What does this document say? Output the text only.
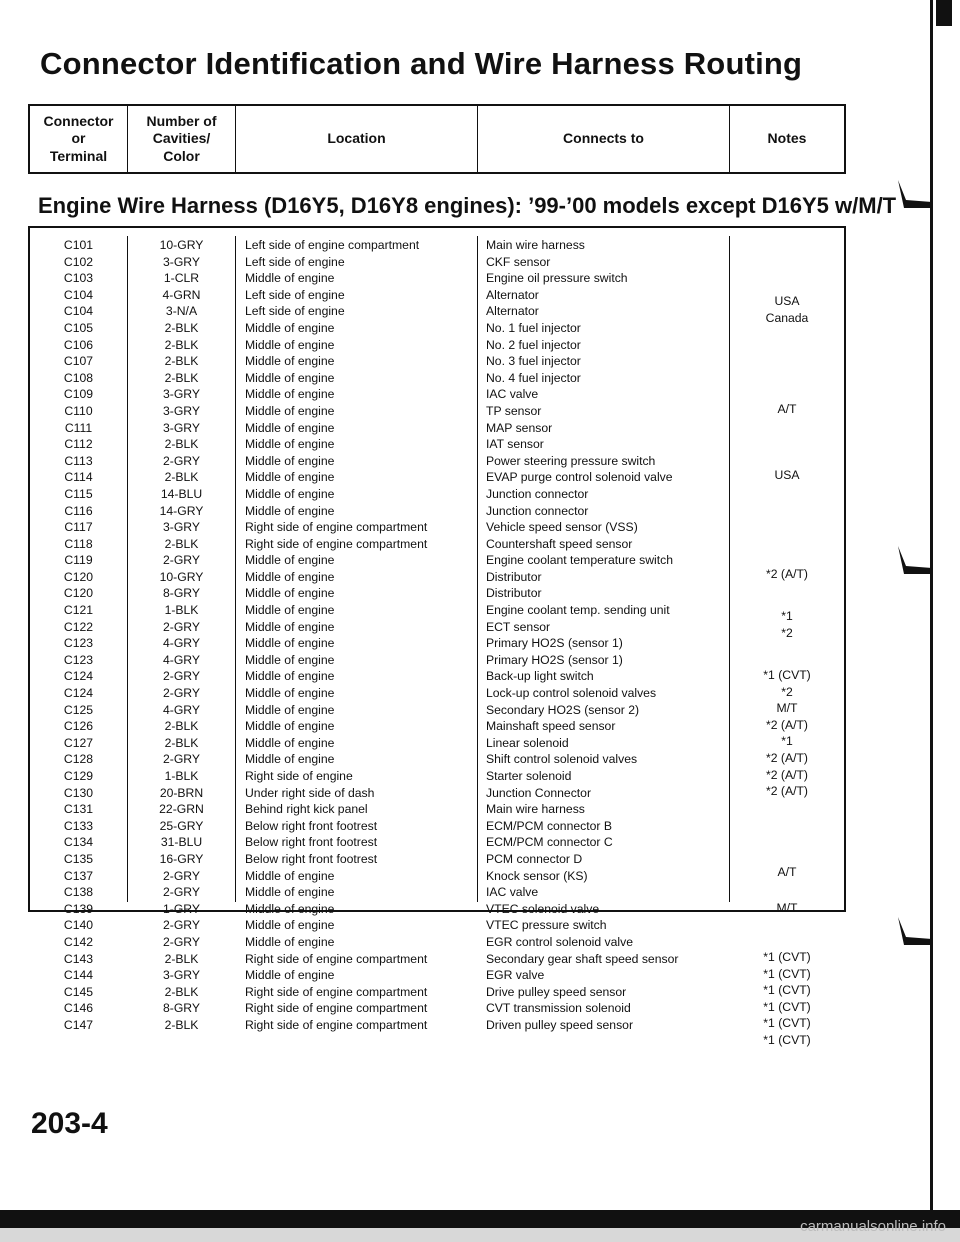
Connector Identification and Wire Harness Routing
Connector
or
Terminal
Number of
Cavities/
Color
Location	Connects to	Notes
Engine Wire Harness (D16Y5, D16Y8 engines): ’99-’00 models except D16Y5 w/M/T
C101
C102
C103
C104
C104
C105
C106
C107
C108
C109
C110
C111
C112
C113
C114
C115
C116
C117
C118
C119
C120
C120
C121
C122
C123
C123
C124
C124
C125
C126
C127
C128
C129
C130
C131
C133
C134
C135
C137
C138
C139
C140
C142
C143
C144
C145
C146
C147
10-GRY
3-GRY
1-CLR
4-GRN
3-N/A
2-BLK
2-BLK
2-BLK
2-BLK
3-GRY
3-GRY
3-GRY
2-BLK
2-GRY
2-BLK
14-BLU
14-GRY
3-GRY
2-BLK
2-GRY
10-GRY
8-GRY
1-BLK
2-GRY
4-GRY
4-GRY
2-GRY
2-GRY
4-GRY
2-BLK
2-BLK
2-GRY
1-BLK
20-BRN
22-GRN
25-GRY
31-BLU
16-GRY
2-GRY
2-GRY
1-GRY
2-GRY
2-GRY
2-BLK
3-GRY
2-BLK
8-GRY
2-BLK
Left side of engine compartment
Left side of engine
Middle of engine
Left side of engine
Left side of engine
Middle of engine
Middle of engine
Middle of engine
Middle of engine
Middle of engine
Middle of engine
Middle of engine
Middle of engine
Middle of engine
Middle of engine
Middle of engine
Middle of engine
Right side of engine compartment
Right side of engine compartment
Middle of engine
Middle of engine
Middle of engine
Middle of engine
Middle of engine
Middle of engine
Middle of engine
Middle of engine
Middle of engine
Middle of engine
Middle of engine
Middle of engine
Middle of engine
Right side of engine
Under right side of dash
Behind right kick panel
Below right front footrest
Below right front footrest
Below right front footrest
Middle of engine
Middle of engine
Middle of engine
Middle of engine
Middle of engine
Right side of engine compartment
Middle of engine
Right side of engine compartment
Right side of engine compartment
Right side of engine compartment
Main wire harness
CKF sensor
Engine oil pressure switch
Alternator
Alternator
No. 1 fuel injector
No. 2 fuel injector
No. 3 fuel injector
No. 4 fuel injector
IAC valve
TP sensor
MAP sensor
IAT sensor
Power steering pressure switch
EVAP purge control solenoid valve
Junction connector
Junction connector
Vehicle speed sensor (VSS)
Countershaft speed sensor
Engine coolant temperature switch
Distributor
Distributor
Engine coolant temp. sending unit
ECT sensor
Primary HO2S (sensor 1)
Primary HO2S (sensor 1)
Back-up light switch
Lock-up control solenoid valves
Secondary HO2S (sensor 2)
Mainshaft speed sensor
Linear solenoid
Shift control solenoid valves
Starter solenoid
Junction Connector
Main wire harness
ECM/PCM connector B
ECM/PCM connector C
PCM connector D
Knock sensor (KS)
IAC valve
VTEC solenoid valve
VTEC pressure switch
EGR control solenoid valve
Secondary gear shaft speed sensor
EGR valve
Drive pulley speed sensor
CVT transmission solenoid
Driven pulley speed sensor
USA
Canada
A/T
USA
*2 (A/T)
*1
*2
*1 (CVT)
*2
M/T
*2 (A/T)
*1
*2 (A/T)
*2 (A/T)
*2 (A/T)
A/T
M/T
*1 (CVT)
*1 (CVT)
*1 (CVT)
*1 (CVT)
*1 (CVT)
*1 (CVT)

203-4

carmanualsonline.info
